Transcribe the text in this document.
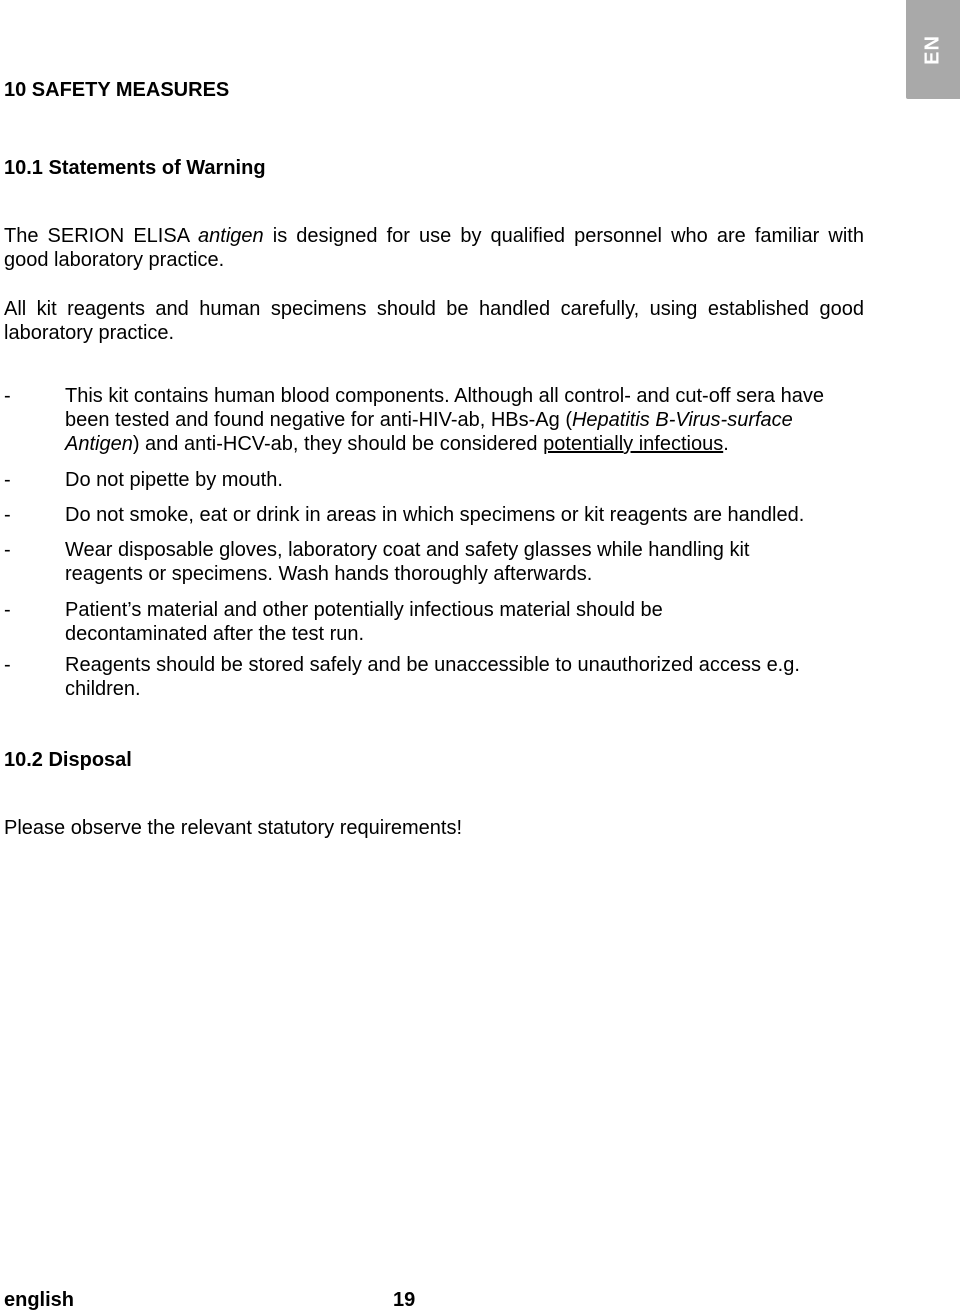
EN
10 SAFETY MEASURES
10.1 Statements of Warning
The SERION ELISA antigen is designed for use by qualified personnel who are familiar with good laboratory practice.
All kit reagents and human specimens should be handled carefully, using established good laboratory practice.
-	This kit contains human blood components. Although all control- and cut-off sera have been tested and found negative for anti-HIV-ab, HBs-Ag (Hepatitis B-Virus-surface Antigen) and anti-HCV-ab, they should be considered potentially infectious.
-	Do not pipette by mouth.
-	Do not smoke, eat or drink in areas in which specimens or kit reagents are handled.
-	Wear disposable gloves, laboratory coat and safety glasses while handling kit reagents or specimens. Wash hands thoroughly afterwards.
-	Patient’s material and other potentially infectious material should be decontaminated after the test run.
-	Reagents should be stored safely and be unaccessible to unauthorized access e.g. children.
10.2 Disposal
Please observe the relevant statutory requirements!
english	19
